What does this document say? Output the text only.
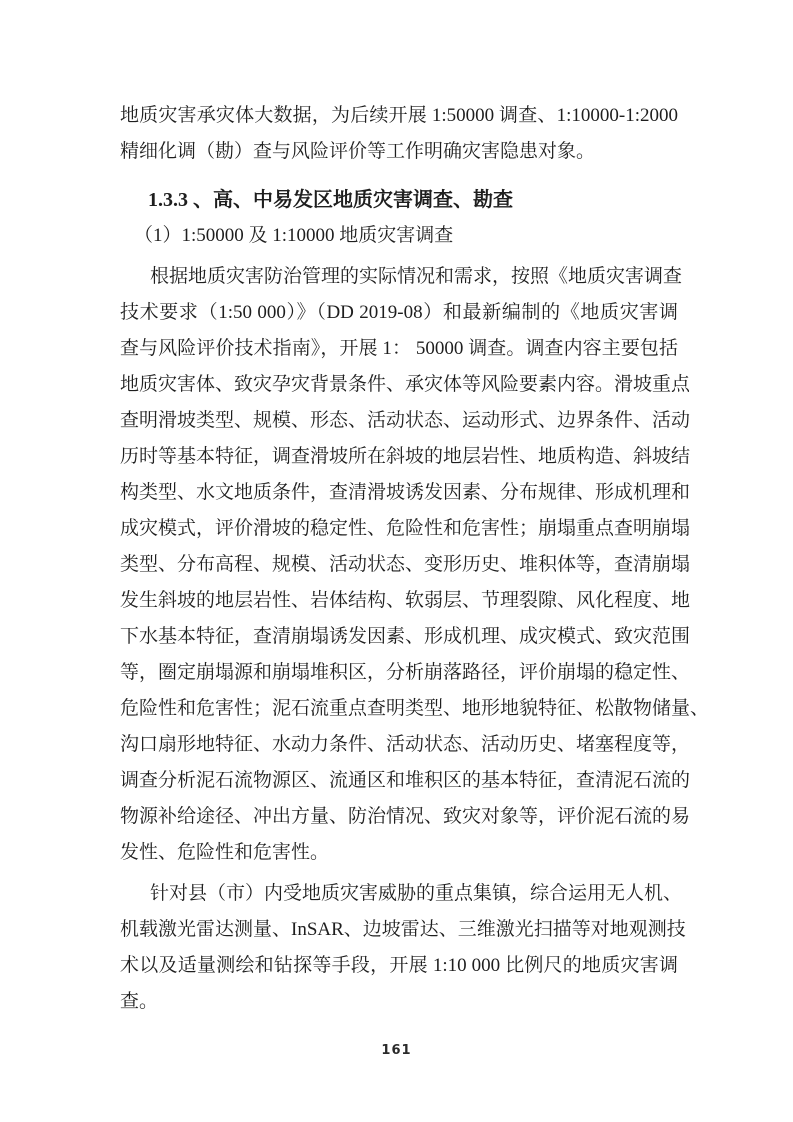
地质灾害承灾体大数据，为后续开展 1:50000 调查、1:10000-1:2000
精细化调（勘）查与风险评价等工作明确灾害隐患对象。
1.3.3 、高、中易发区地质灾害调查、勘查
（1）1:50000 及 1:10000 地质灾害调查
根据地质灾害防治管理的实际情况和需求，按照《地质灾害调查
技术要求（1:50 000）》（DD 2019-08）和最新编制的《地质灾害调
查与风险评价技术指南》，开展 1： 50000 调查。调查内容主要包括
地质灾害体、致灾孕灾背景条件、承灾体等风险要素内容。滑坡重点
查明滑坡类型、规模、形态、活动状态、运动形式、边界条件、活动
历时等基本特征，调查滑坡所在斜坡的地层岩性、地质构造、斜坡结
构类型、水文地质条件，查清滑坡诱发因素、分布规律、形成机理和
成灾模式，评价滑坡的稳定性、危险性和危害性；崩塌重点查明崩塌
类型、分布高程、规模、活动状态、变形历史、堆积体等，查清崩塌
发生斜坡的地层岩性、岩体结构、软弱层、节理裂隙、风化程度、地
下水基本特征，查清崩塌诱发因素、形成机理、成灾模式、致灾范围
等，圈定崩塌源和崩塌堆积区，分析崩落路径，评价崩塌的稳定性、
危险性和危害性；泥石流重点查明类型、地形地貌特征、松散物储量、
沟口扇形地特征、水动力条件、活动状态、活动历史、堵塞程度等，
调查分析泥石流物源区、流通区和堆积区的基本特征，查清泥石流的
物源补给途径、冲出方量、防治情况、致灾对象等，评价泥石流的易
发性、危险性和危害性。
针对县（市）内受地质灾害威胁的重点集镇，综合运用无人机、
机载激光雷达测量、InSAR、边坡雷达、三维激光扫描等对地观测技
术以及适量测绘和钻探等手段，开展 1:10 000 比例尺的地质灾害调
查。
161
